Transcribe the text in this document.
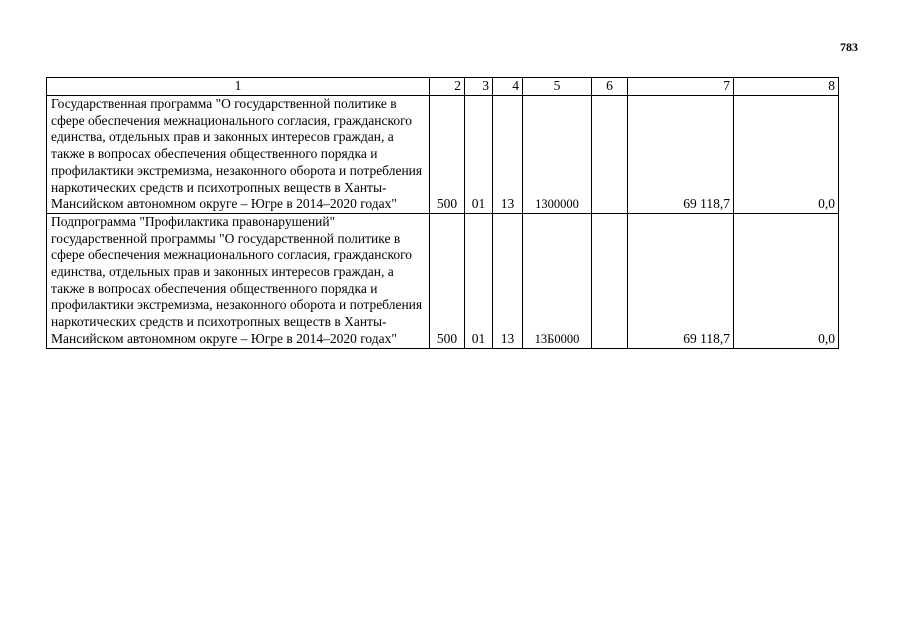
783
1	2	3	4	5	6	7	8
Государственная программа "О государственной политике в сфере обеспечения межнационального согласия, гражданского единства, отдельных прав и законных интересов граждан, а также в вопросах обеспечения общественного порядка и профилактики экстремизма, незаконного оборота и потребления наркотических средств и психотропных веществ в Ханты-Мансийском автономном округе – Югре в 2014–2020 годах"	500	01	13	1300000		69 118,7	0,0
Подпрограмма "Профилактика правонарушений" государственной программы "О государственной политике в сфере обеспечения межнационального согласия, гражданского единства, отдельных прав и законных интересов граждан, а также в вопросах обеспечения общественного порядка и профилактики экстремизма, незаконного оборота и потребления наркотических средств и психотропных веществ в Ханты-Мансийском автономном округе – Югре в 2014–2020 годах"	500	01	13	13Б0000		69 118,7	0,0
